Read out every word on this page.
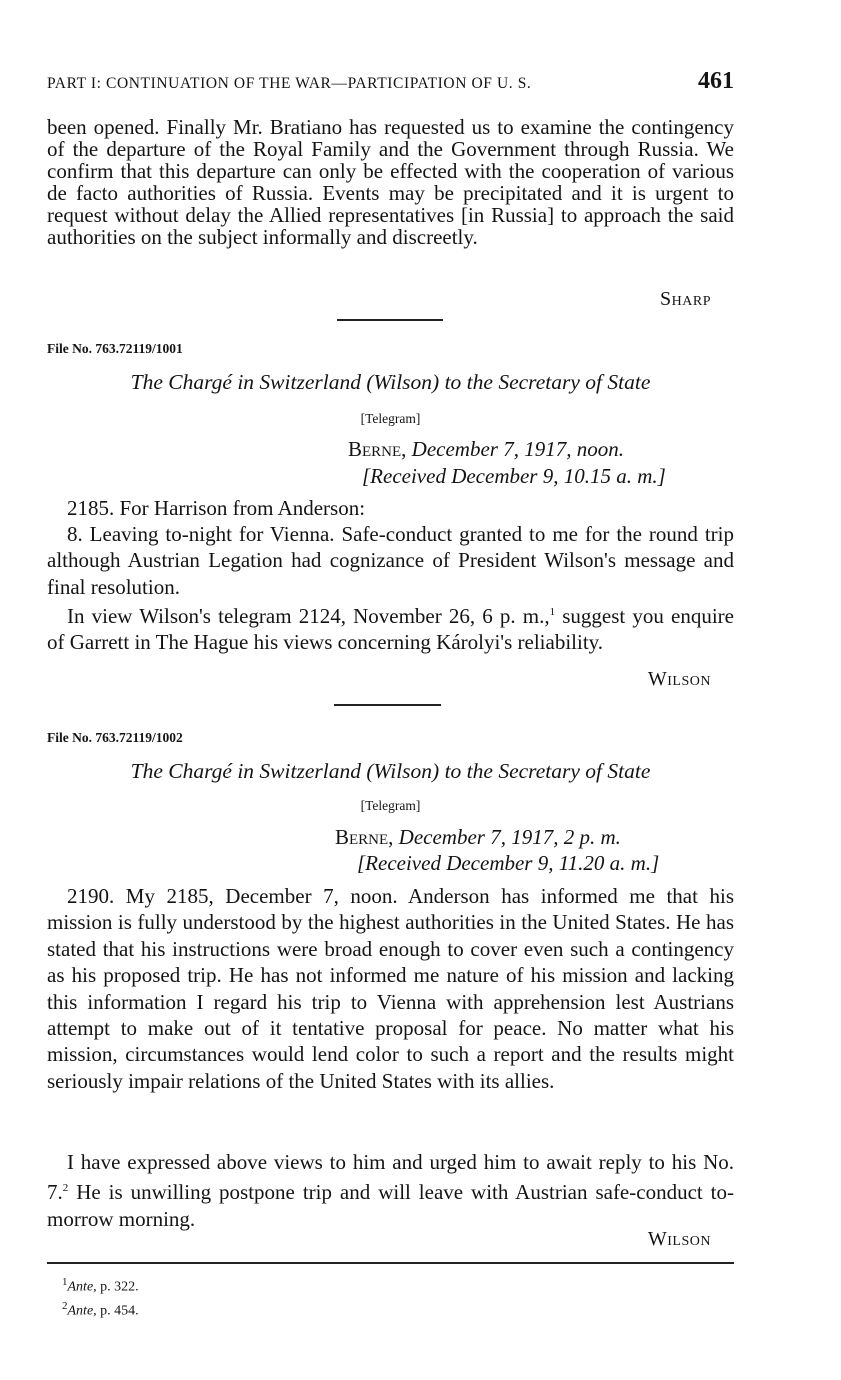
PART I: CONTINUATION OF THE WAR—PARTICIPATION OF U. S.	461

been opened. Finally Mr. Bratiano has requested us to examine the contingency of the departure of the Royal Family and the Government through Russia. We confirm that this departure can only be effected with the cooperation of various de facto authorities of Russia. Events may be precipitated and it is urgent to request without delay the Allied representatives [in Russia] to approach the said authorities on the subject informally and discreetly.

Sharp
File No. 763.72119/1001
The Chargé in Switzerland (Wilson) to the Secretary of State
[Telegram]
Berne, December 7, 1917, noon.
[Received December 9, 10.15 a. m.]

2185. For Harrison from Anderson:

8. Leaving to-night for Vienna. Safe-conduct granted to me for the round trip although Austrian Legation had cognizance of President Wilson's message and final resolution.

In view Wilson's telegram 2124, November 26, 6 p. m.,$^1$ suggest you enquire of Garrett in The Hague his views concerning Károlyi's reliability.

Wilson
File No. 763.72119/1002
The Chargé in Switzerland (Wilson) to the Secretary of State
[Telegram]
Berne, December 7, 1917, 2 p. m.
[Received December 9, 11.20 a. m.]

2190. My 2185, December 7, noon. Anderson has informed me that his mission is fully understood by the highest authorities in the United States. He has stated that his instructions were broad enough to cover even such a contingency as his proposed trip. He has not informed me nature of his mission and lacking this information I regard his trip to Vienna with apprehension lest Austrians attempt to make out of it tentative proposal for peace. No matter what his mission, circumstances would lend color to such a report and the results might seriously impair relations of the United States with its allies.

I have expressed above views to him and urged him to await reply to his No. 7.$^2$ He is unwilling postpone trip and will leave with Austrian safe-conduct to-morrow morning.

Wilson
$^1$Ante, p. 322.
$^2$Ante, p. 454.
